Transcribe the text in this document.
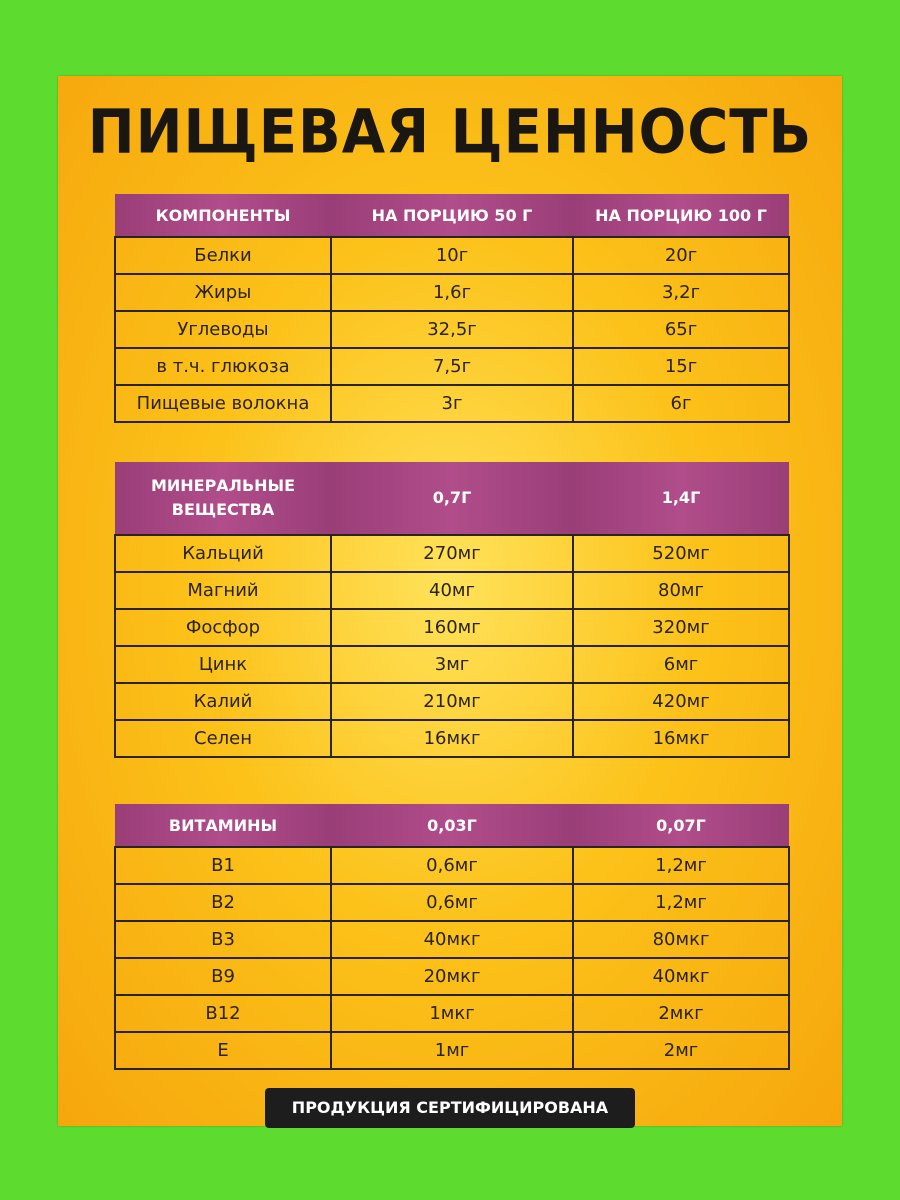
ПИЩЕВАЯ ЦЕННОСТЬ
КОМПОНЕНТЫ	НА ПОРЦИЮ 50 Г	НА ПОРЦИЮ 100 Г
Белки	10г	20г
Жиры	1,6г	3,2г
Углеводы	32,5г	65г
в т.ч. глюкоза	7,5г	15г
Пищевые волокна	3г	6г
МИНЕРАЛЬНЫЕ ВЕЩЕСТВА	0,7Г	1,4Г
Кальций	270мг	520мг
Магний	40мг	80мг
Фосфор	160мг	320мг
Цинк	3мг	6мг
Калий	210мг	420мг
Селен	16мкг	16мкг
ВИТАМИНЫ	0,03Г	0,07Г
B1	0,6мг	1,2мг
B2	0,6мг	1,2мг
B3	40мкг	80мкг
B9	20мкг	40мкг
B12	1мкг	2мкг
E	1мг	2мг
ПРОДУКЦИЯ СЕРТИФИЦИРОВАНА
